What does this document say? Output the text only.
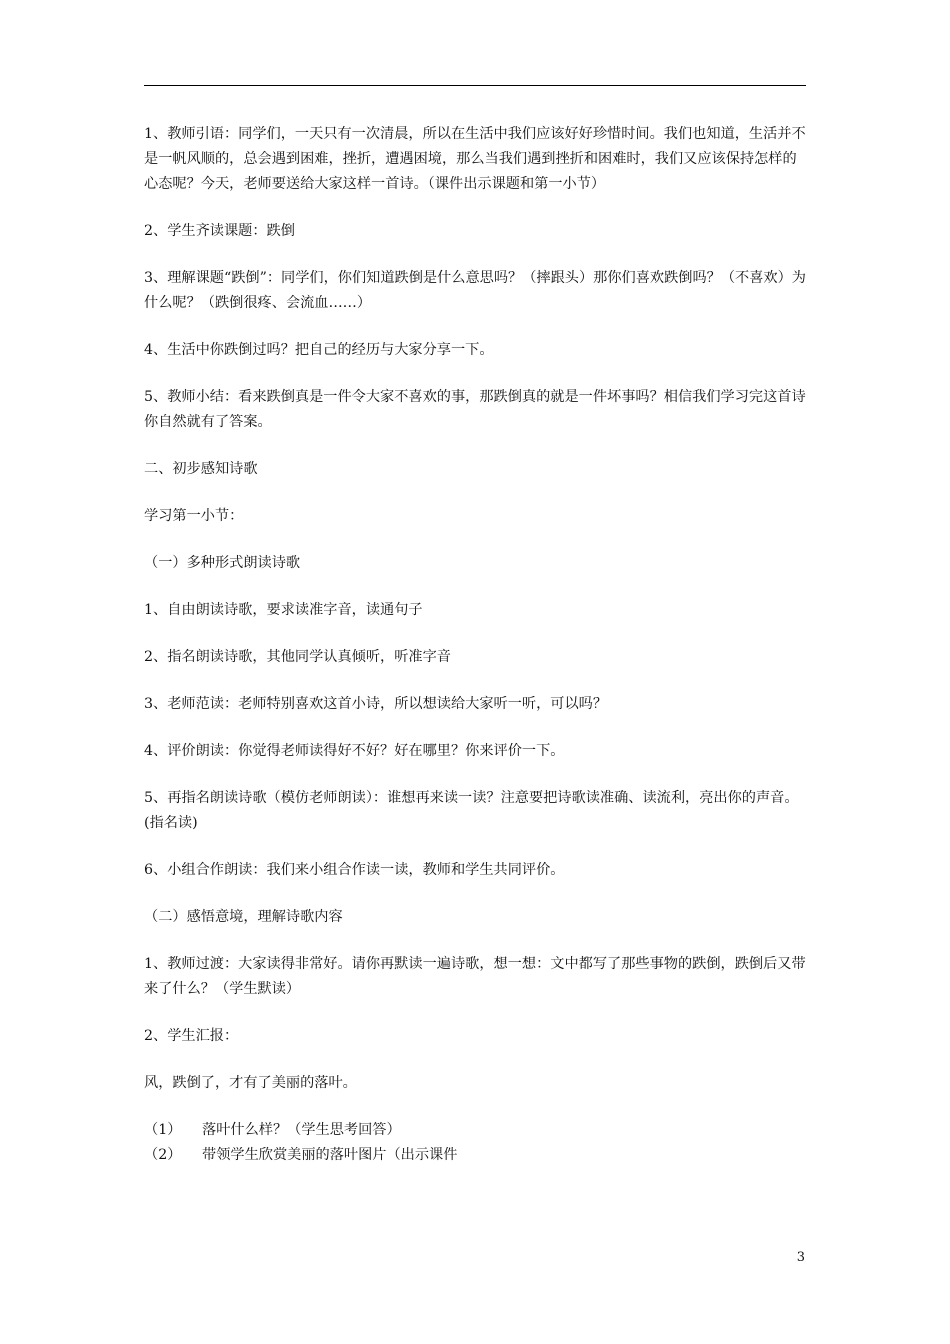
1、教师引语：同学们，一天只有一次清晨，所以在生活中我们应该好好珍惜时间。我们也知道，生活并不是一帆风顺的，总会遇到困难，挫折，遭遇困境，那么当我们遇到挫折和困难时，我们又应该保持怎样的心态呢？今天，老师要送给大家这样一首诗。（课件出示课题和第一小节）

2、学生齐读课题：跌倒

3、理解课题“跌倒”：同学们，你们知道跌倒是什么意思吗？（摔跟头）那你们喜欢跌倒吗？（不喜欢）为什么呢？（跌倒很疼、会流血……）

4、生活中你跌倒过吗？把自己的经历与大家分享一下。

5、教师小结：看来跌倒真是一件令大家不喜欢的事，那跌倒真的就是一件坏事吗？相信我们学习完这首诗你自然就有了答案。

二、初步感知诗歌

学习第一小节：

（一）多种形式朗读诗歌

1、自由朗读诗歌，要求读准字音，读通句子

2、指名朗读诗歌，其他同学认真倾听，听准字音

3、老师范读：老师特别喜欢这首小诗，所以想读给大家听一听，可以吗？

4、评价朗读：你觉得老师读得好不好？好在哪里？你来评价一下。

5、再指名朗读诗歌（模仿老师朗读）：谁想再来读一读？注意要把诗歌读准确、读流利，亮出你的声音。(指名读)

6、小组合作朗读：我们来小组合作读一读，教师和学生共同评价。

（二）感悟意境，理解诗歌内容

1、教师过渡：大家读得非常好。请你再默读一遍诗歌，想一想：文中都写了那些事物的跌倒，跌倒后又带来了什么？（学生默读）

2、学生汇报：

风，跌倒了，才有了美丽的落叶。

（1）	落叶什么样？（学生思考回答）
（2）	带领学生欣赏美丽的落叶图片（出示课件
3
